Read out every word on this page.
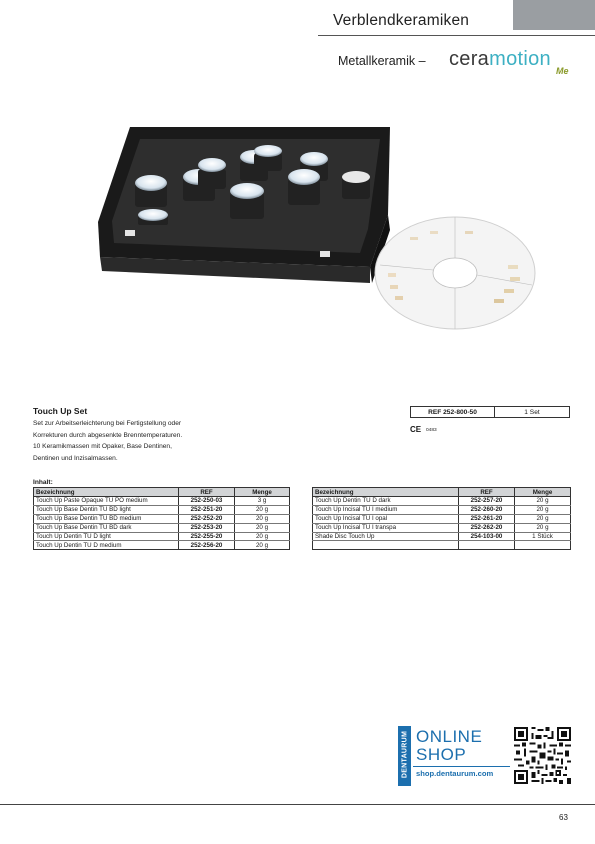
Verblendkeramiken
Metallkeramik – ceramotion
Me
Touch Up Set
Set zur Arbeitserleichterung bei Fertigstellung oder
Korrekturen durch abgesenkte Brenntemperaturen.
10 Keramikmassen mit Opaker, Base Dentinen,
Dentinen und Inzisalmassen.
REF 252-800-50	1 Set
CE 0483
Inhalt:
Bezeichnung	REF	Menge
Touch Up Paste Opaque TU PO medium	252-250-03	3 g
Touch Up Base Dentin TU BD light	252-251-20	20 g
Touch Up Base Dentin TU BD medium	252-252-20	20 g
Touch Up Base Dentin TU BD dark	252-253-20	20 g
Touch Up Dentin TU D light	252-255-20	20 g
Touch Up Dentin TU D medium	252-256-20	20 g
Bezeichnung	REF	Menge
Touch Up Dentin TU D dark	252-257-20	20 g
Touch Up Incisal TU I medium	252-260-20	20 g
Touch Up Incisal TU I opal	252-261-20	20 g
Touch Up Incisal TU I transpa	252-262-20	20 g
Shade Disc Touch Up	254-103-00	1 Stück

DENTAURUM ONLINE
SHOP
shop.dentaurum.com
63
